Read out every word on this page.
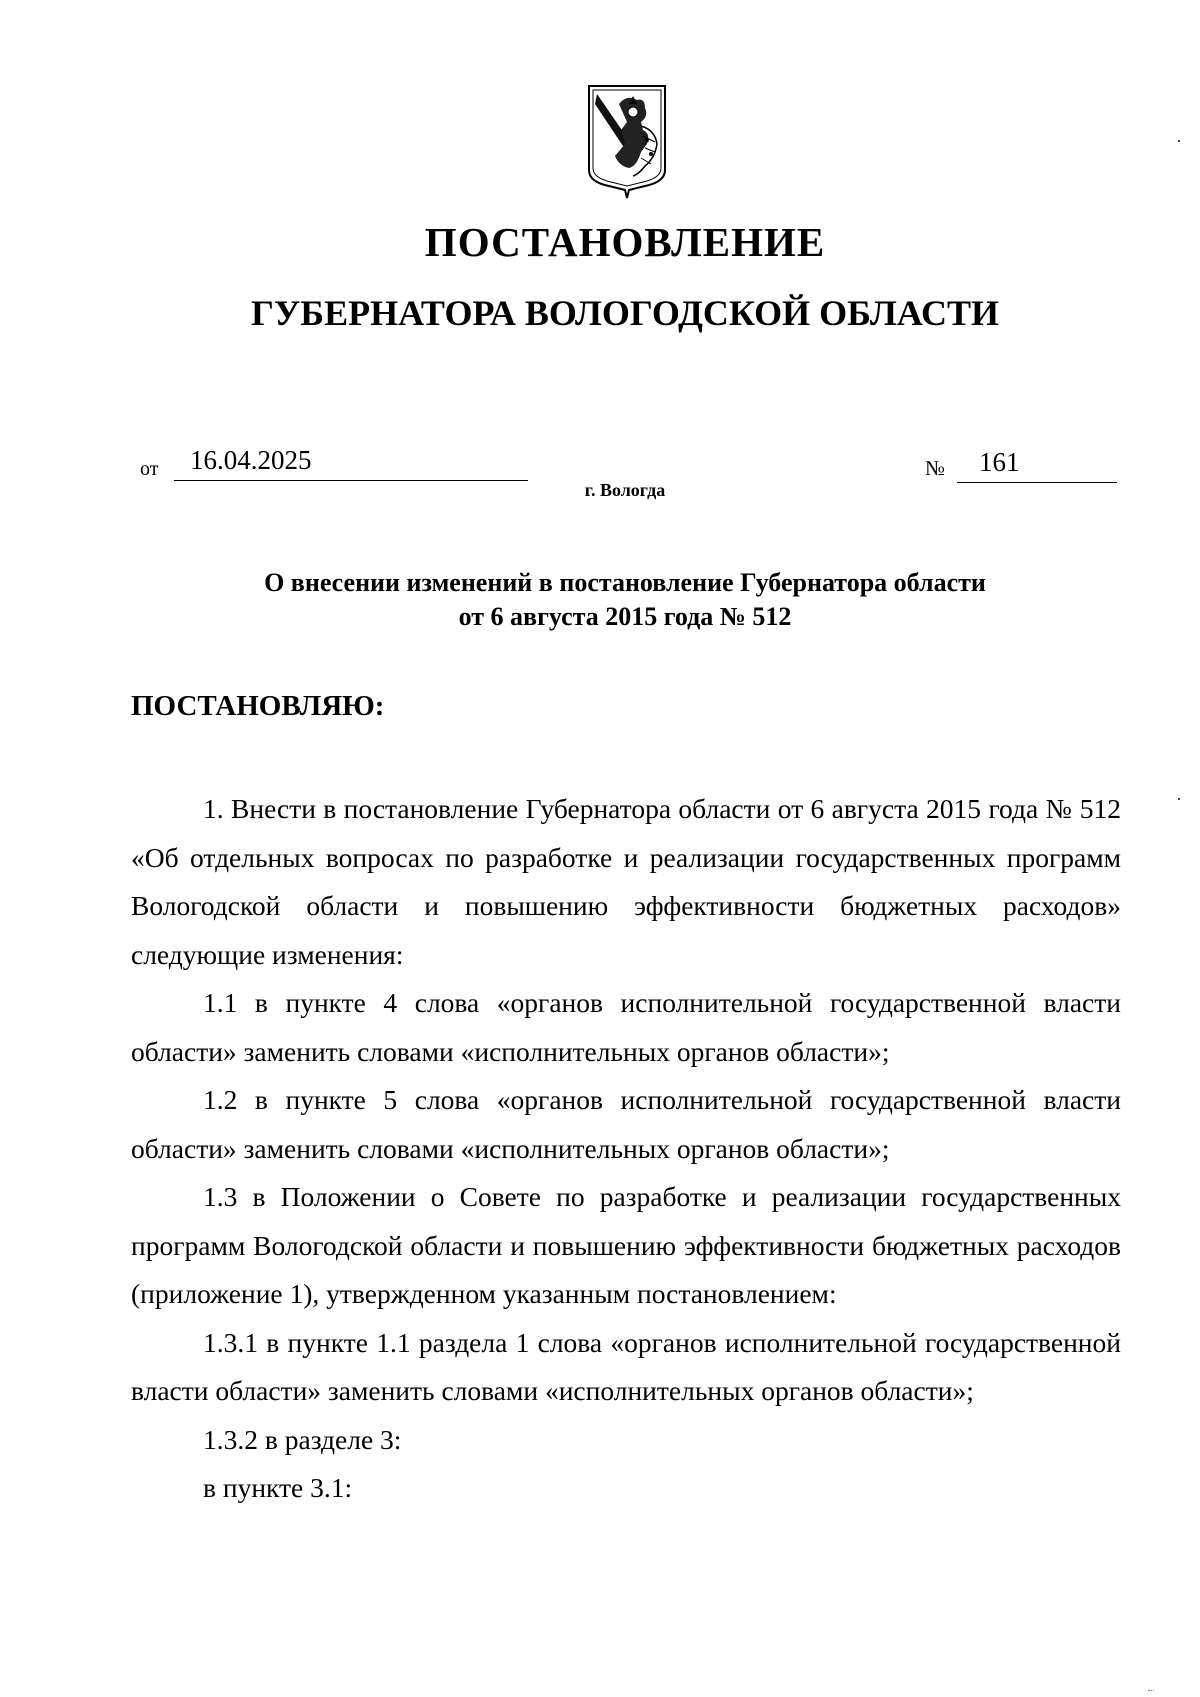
ПОСТАНОВЛЕНИЕ
ГУБЕРНАТОРА ВОЛОГОДСКОЙ ОБЛАСТИ
от	16.04.2025	№	161
г. Вологда
О внесении изменений в постановление Губернатора области
от 6 августа 2015 года № 512
ПОСТАНОВЛЯЮ:

1. Внести в постановление Губернатора области от 6 августа 2015 года № 512 «Об отдельных вопросах по разработке и реализации государственных программ Вологодской области и повышению эффективности бюджетных расходов» следующие изменения:

1.1 в пункте 4 слова «органов исполнительной государственной власти области» заменить словами «исполнительных органов области»;

1.2 в пункте 5 слова «органов исполнительной государственной власти области» заменить словами «исполнительных органов области»;

1.3 в Положении о Совете по разработке и реализации государственных программ Вологодской области и повышению эффективности бюджетных расходов (приложение 1), утвержденном указанным постановлением:

1.3.1 в пункте 1.1 раздела 1 слова «органов исполнительной государственной власти области» заменить словами «исполнительных органов области»;

1.3.2 в разделе 3:

в пункте 3.1:
